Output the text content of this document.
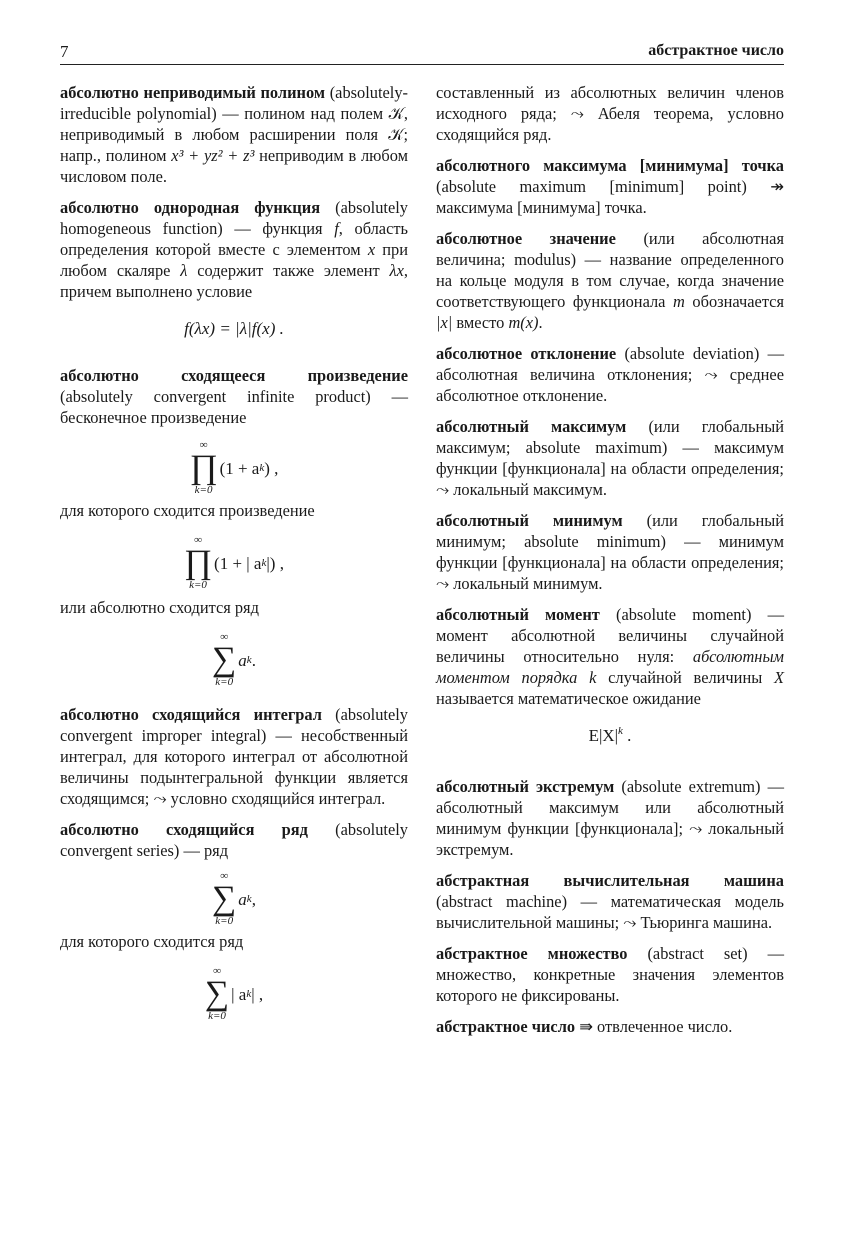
7	абстрактное число

абсолютно неприводимый полином (absolutely-irreducible polynomial) — полином над полем 𝒦, неприводимый в любом расширении поля 𝒦; напр., полином x³ + yz² + z³ неприводим в любом числовом поле.

абсолютно однородная функция (absolutely homogeneous function) — функция f, область определения которой вместе с элементом x при любом скаляре λ содержит также элемент λx, причем выполнено условие

f(λx) = |λ|f(x) .

абсолютно сходящееся произведение (absolutely convergent infinite product) — бесконечное произведение

∞
∏
k=0
(1 + a k ) ,

для которого сходится произведение

∞
∏
k=0
(1 + | a k |) ,

или абсолютно сходится ряд

∞
∑
k=0
a k .

абсолютно сходящийся интеграл (absolutely convergent improper integral) — несобственный интеграл, для которого интеграл от абсолютной величины подынтегральной функции является сходящимся; ⤳ условно сходящийся интеграл.

абсолютно сходящийся ряд (absolutely convergent series) — ряд

∞
∑
k=0
a k ,

для которого сходится ряд

∞
∑
k=0
| a k | ,

составленный из абсолютных величин членов исходного ряда; ⤳ Абеля теорема, условно сходящийся ряд.

абсолютного максимума [минимума] точка (absolute maximum [minimum] point) ↠ максимума [минимума] точка.

абсолютное значение (или абсолютная величина; modulus) — название определенного на кольце модуля в том случае, когда значение соответствующего функционала m обозначается |x| вместо m(x).

абсолютное отклонение (absolute deviation) — абсолютная величина отклонения; ⤳ среднее абсолютное отклонение.

абсолютный максимум (или глобальный максимум; absolute maximum) — максимум функции [функционала] на области определения; ⤳ локальный максимум.

абсолютный минимум (или глобальный минимум; absolute minimum) — минимум функции [функционала] на области определения; ⤳ локальный минимум.

абсолютный момент (absolute moment) — момент абсолютной величины случайной величины относительно нуля: абсолютным моментом порядка k случайной величины X называется математическое ожидание

$E|X|^k$ .

абсолютный экстремум (absolute extremum) — абсолютный максимум или абсолютный минимум функции [функционала]; ⤳ локальный экстремум.

абстрактная вычислительная машина (abstract machine) — математическая модель вычислительной машины; ⤳ Тьюринга машина.

абстрактное множество (abstract set) — множество, конкретные значения элементов которого не фиксированы.

абстрактное число ⇛ отвлеченное число.
